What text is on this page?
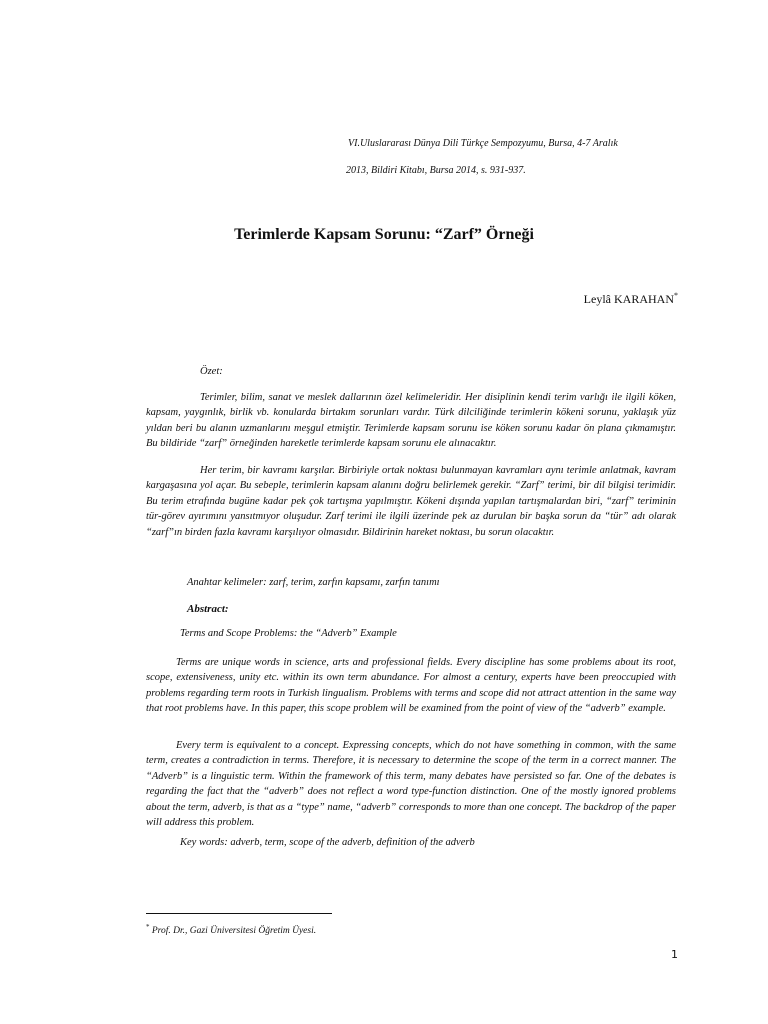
VI.Uluslararası Dünya Dili Türkçe Sempozyumu, Bursa, 4-7 Aralık
2013, Bildiri Kitabı, Bursa 2014, s. 931-937.
Terimlerde Kapsam Sorunu: “Zarf” Örneği
Leylâ KARAHAN*
Özet:
Terimler, bilim, sanat ve meslek dallarının özel kelimeleridir. Her disiplinin kendi terim varlığı ile ilgili köken, kapsam, yaygınlık, birlik vb. konularda birtakım sorunları vardır. Türk dilciliğinde terimlerin kökeni sorunu, yaklaşık yüz yıldan beri bu alanın uzmanlarını meşgul etmiştir. Terimlerde kapsam sorunu ise köken sorunu kadar ön plana çıkmamıştır. Bu bildiride “zarf” örneğinden hareketle terimlerde kapsam sorunu ele alınacaktır.
Her terim, bir kavramı karşılar. Birbiriyle ortak noktası bulunmayan kavramları aynı terimle anlatmak, kavram kargaşasına yol açar. Bu sebeple, terimlerin kapsam alanını doğru belirlemek gerekir. “Zarf” terimi, bir dil bilgisi terimidir. Bu terim etrafında bugüne kadar pek çok tartışma yapılmıştır. Kökeni dışında yapılan tartışmalardan biri, “zarf” teriminin tür-görev ayırımını yansıtmıyor oluşudur. Zarf terimi ile ilgili üzerinde pek az durulan bir başka sorun da “tür” adı olarak “zarf”ın birden fazla kavramı karşılıyor olmasıdır. Bildirinin hareket noktası, bu sorun olacaktır.
Anahtar kelimeler: zarf, terim, zarfın kapsamı, zarfın tanımı
Abstract:
Terms and Scope Problems: the “Adverb” Example
Terms are unique words in science, arts and professional fields. Every discipline has some problems about its root, scope, extensiveness, unity etc. within its own term abundance. For almost a century, experts have been preoccupied with problems regarding term roots in Turkish lingualism. Problems with terms and scope did not attract attention in the same way that root problems have. In this paper, this scope problem will be examined from the point of view of the “adverb” example.
Every term is equivalent to a concept. Expressing concepts, which do not have something in common, with the same term, creates a contradiction in terms. Therefore, it is necessary to determine the scope of the term in a correct manner. The “Adverb” is a linguistic term. Within the framework of this term, many debates have persisted so far. One of the debates is regarding the fact that the “adverb” does not reflect a word type-function distinction. One of the mostly ignored problems about the term, adverb, is that as a “type” name, “adverb” corresponds to more than one concept. The backdrop of the paper will address this problem.
Key words: adverb, term, scope of the adverb, definition of the adverb
* Prof. Dr., Gazi Üniversitesi Öğretim Üyesi.
1
